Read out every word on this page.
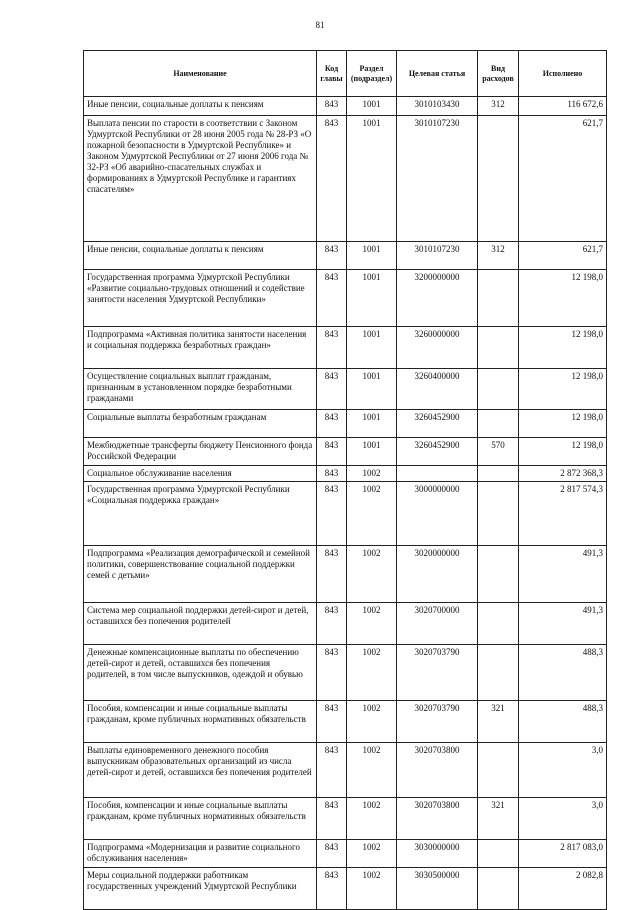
81
Наименование	Код главы	Раздел (подраздел)	Целевая статья	Вид расходов	Исполнено
Иные пенсии, социальные доплаты к пенсиям	843	1001	3010103430	312	116 672,6
Выплата пенсии по старости в соответствии с Законом Удмуртской Республики от 28 июня 2005 года № 28-РЗ «О пожарной безопасности в Удмуртской Республике» и Законом Удмуртской Республики от 27 июня 2006 года № 32-РЗ «Об аварийно-спасательных службах и формированиях в Удмуртской Республике и гарантиях спасателям»	843	1001	3010107230		621,7
Иные пенсии, социальные доплаты к пенсиям	843	1001	3010107230	312	621,7
Государственная программа Удмуртской Республики «Развитие социально-трудовых отношений и содействие занятости населения Удмуртской Республики»	843	1001	3200000000		12 198,0
Подпрограмма «Активная политика занятости населения и социальная поддержка безработных граждан»	843	1001	3260000000		12 198,0
Осуществление социальных выплат гражданам, признанным в установленном порядке безработными гражданами	843	1001	3260400000		12 198,0
Социальные выплаты безработным гражданам	843	1001	3260452900		12 198,0
Межбюджетные трансферты бюджету Пенсионного фонда Российской Федерации	843	1001	3260452900	570	12 198,0
Социальное обслуживание населения	843	1002			2 872 368,3
Государственная программа Удмуртской Республики «Социальная поддержка граждан»	843	1002	3000000000		2 817 574,3
Подпрограмма «Реализация демографической и семейной политики, совершенствование социальной поддержки семей с детьми»	843	1002	3020000000		491,3
Система мер социальной поддержки детей-сирот и детей, оставшихся без попечения родителей	843	1002	3020700000		491,3
Денежные компенсационные выплаты по обеспечению детей-сирот и детей, оставшихся без попечения родителей, в том числе выпускников, одеждой и обувью	843	1002	3020703790		488,3
Пособия, компенсации и иные социальные выплаты гражданам, кроме публичных нормативных обязательств	843	1002	3020703790	321	488,3
Выплаты единовременного денежного пособия выпускникам образовательных организаций из числа детей-сирот и детей, оставшихся без попечения родителей	843	1002	3020703800		3,0
Пособия, компенсации и иные социальные выплаты гражданам, кроме публичных нормативных обязательств	843	1002	3020703800	321	3,0
Подпрограмма «Модернизация и развитие социального обслуживания населения»	843	1002	3030000000		2 817 083,0
Меры социальной поддержки работникам государственных учреждений Удмуртской Республики	843	1002	3030500000		2 082,8
